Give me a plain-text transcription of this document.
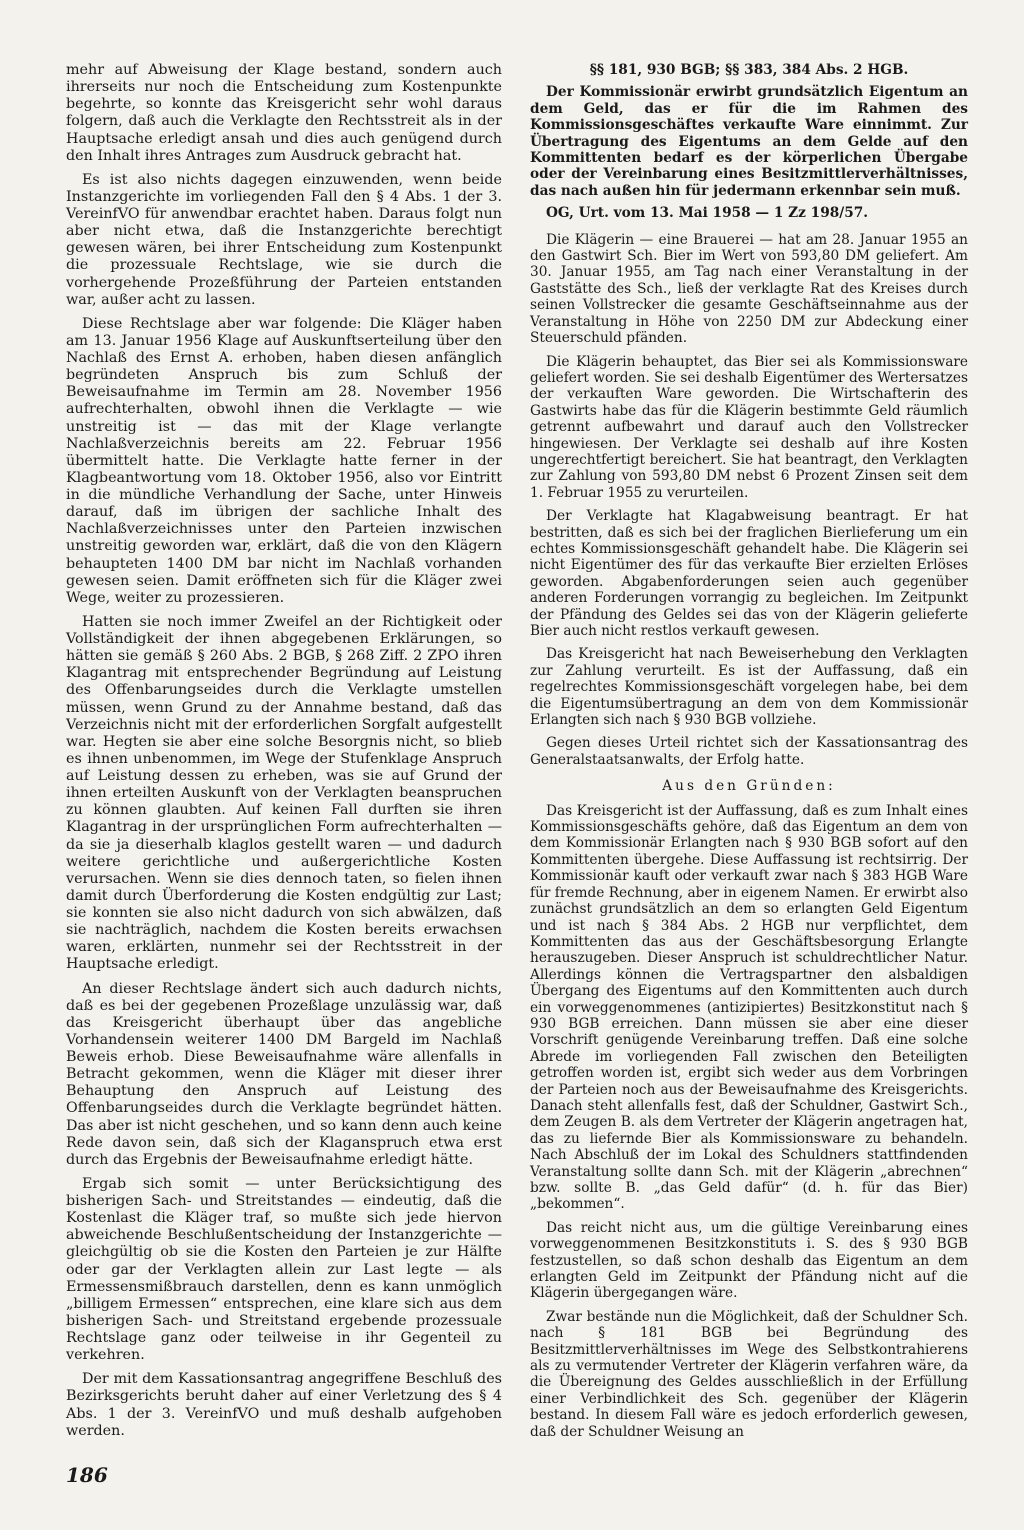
mehr auf Abweisung der Klage bestand, sondern auch ihrerseits nur noch die Entscheidung zum Kostenpunkte begehrte, so konnte das Kreisgericht sehr wohl daraus folgern, daß auch die Verklagte den Rechtsstreit als in der Hauptsache erledigt ansah und dies auch genügend durch den Inhalt ihres Antrages zum Ausdruck gebracht hat.

Es ist also nichts dagegen einzuwenden, wenn beide Instanzgerichte im vorliegenden Fall den § 4 Abs. 1 der 3. VereinfVO für anwendbar erachtet haben. Daraus folgt nun aber nicht etwa, daß die Instanzgerichte berechtigt gewesen wären, bei ihrer Entscheidung zum Kostenpunkt die prozessuale Rechtslage, wie sie durch die vorhergehende Prozeßführung der Parteien entstanden war, außer acht zu lassen.

Diese Rechtslage aber war folgende: Die Kläger haben am 13. Januar 1956 Klage auf Auskunftserteilung über den Nachlaß des Ernst A. erhoben, haben diesen anfänglich begründeten Anspruch bis zum Schluß der Beweisaufnahme im Termin am 28. November 1956 aufrechterhalten, obwohl ihnen die Verklagte — wie unstreitig ist — das mit der Klage verlangte Nachlaßverzeichnis bereits am 22. Februar 1956 übermittelt hatte. Die Verklagte hatte ferner in der Klagbeantwortung vom 18. Oktober 1956, also vor Eintritt in die mündliche Verhandlung der Sache, unter Hinweis darauf, daß im übrigen der sachliche Inhalt des Nachlaßverzeichnisses unter den Parteien inzwischen unstreitig geworden war, erklärt, daß die von den Klägern behaupteten 1400 DM bar nicht im Nachlaß vorhanden gewesen seien. Damit eröffneten sich für die Kläger zwei Wege, weiter zu prozessieren.

Hatten sie noch immer Zweifel an der Richtigkeit oder Vollständigkeit der ihnen abgegebenen Erklärungen, so hätten sie gemäß § 260 Abs. 2 BGB, § 268 Ziff. 2 ZPO ihren Klagantrag mit entsprechender Begründung auf Leistung des Offenbarungseides durch die Verklagte umstellen müssen, wenn Grund zu der Annahme bestand, daß das Verzeichnis nicht mit der erforderlichen Sorgfalt aufgestellt war. Hegten sie aber eine solche Besorgnis nicht, so blieb es ihnen unbenommen, im Wege der Stufenklage Anspruch auf Leistung dessen zu erheben, was sie auf Grund der ihnen erteilten Auskunft von der Verklagten beanspruchen zu können glaubten. Auf keinen Fall durften sie ihren Klagantrag in der ursprünglichen Form aufrechterhalten — da sie ja dieserhalb klaglos gestellt waren — und dadurch weitere gerichtliche und außergerichtliche Kosten verursachen. Wenn sie dies dennoch taten, so fielen ihnen damit durch Überforderung die Kosten endgültig zur Last; sie konnten sie also nicht dadurch von sich abwälzen, daß sie nachträglich, nachdem die Kosten bereits erwachsen waren, erklärten, nunmehr sei der Rechtsstreit in der Hauptsache erledigt.

An dieser Rechtslage ändert sich auch dadurch nichts, daß es bei der gegebenen Prozeßlage unzulässig war, daß das Kreisgericht überhaupt über das angebliche Vorhandensein weiterer 1400 DM Bargeld im Nachlaß Beweis erhob. Diese Beweisaufnahme wäre allenfalls in Betracht gekommen, wenn die Kläger mit dieser ihrer Behauptung den Anspruch auf Leistung des Offenbarungseides durch die Verklagte begründet hätten. Das aber ist nicht geschehen, und so kann denn auch keine Rede davon sein, daß sich der Klaganspruch etwa erst durch das Ergebnis der Beweisaufnahme erledigt hätte.

Ergab sich somit — unter Berücksichtigung des bisherigen Sach- und Streitstandes — eindeutig, daß die Kostenlast die Kläger traf, so mußte sich jede hiervon abweichende Beschlußentscheidung der Instanzgerichte — gleichgültig ob sie die Kosten den Parteien je zur Hälfte oder gar der Verklagten allein zur Last legte — als Ermessensmißbrauch darstellen, denn es kann unmöglich „billigem Ermessen“ entsprechen, eine klare sich aus dem bisherigen Sach- und Streitstand ergebende prozessuale Rechtslage ganz oder teilweise in ihr Gegenteil zu verkehren.

Der mit dem Kassationsantrag angegriffene Beschluß des Bezirksgerichts beruht daher auf einer Verletzung des § 4 Abs. 1 der 3. VereinfVO und muß deshalb aufgehoben werden.

§§ 181, 930 BGB; §§ 383, 384 Abs. 2 HGB.

Der Kommissionär erwirbt grundsätzlich Eigentum an dem Geld, das er für die im Rahmen des Kommissionsgeschäftes verkaufte Ware einnimmt. Zur Übertragung des Eigentums an dem Gelde auf den Kommittenten bedarf es der körperlichen Übergabe oder der Vereinbarung eines Besitzmittlerverhältnisses, das nach außen hin für jedermann erkennbar sein muß.

OG, Urt. vom 13. Mai 1958 — 1 Zz 198/57.

Die Klägerin — eine Brauerei — hat am 28. Januar 1955 an den Gastwirt Sch. Bier im Wert von 593,80 DM geliefert. Am 30. Januar 1955, am Tag nach einer Veranstaltung in der Gaststätte des Sch., ließ der verklagte Rat des Kreises durch seinen Vollstrecker die gesamte Geschäftseinnahme aus der Veranstaltung in Höhe von 2250 DM zur Abdeckung einer Steuerschuld pfänden.

Die Klägerin behauptet, das Bier sei als Kommissionsware geliefert worden. Sie sei deshalb Eigentümer des Wertersatzes der verkauften Ware geworden. Die Wirtschafterin des Gastwirts habe das für die Klägerin bestimmte Geld räumlich getrennt aufbewahrt und darauf auch den Vollstrecker hingewiesen. Der Verklagte sei deshalb auf ihre Kosten ungerechtfertigt bereichert. Sie hat beantragt, den Verklagten zur Zahlung von 593,80 DM nebst 6 Prozent Zinsen seit dem 1. Februar 1955 zu verurteilen.

Der Verklagte hat Klagabweisung beantragt. Er hat bestritten, daß es sich bei der fraglichen Bierlieferung um ein echtes Kommissionsgeschäft gehandelt habe. Die Klägerin sei nicht Eigentümer des für das verkaufte Bier erzielten Erlöses geworden. Abgabenforderungen seien auch gegenüber anderen Forderungen vorrangig zu begleichen. Im Zeitpunkt der Pfändung des Geldes sei das von der Klägerin gelieferte Bier auch nicht restlos verkauft gewesen.

Das Kreisgericht hat nach Beweiserhebung den Verklagten zur Zahlung verurteilt. Es ist der Auffassung, daß ein regelrechtes Kommissionsgeschäft vorgelegen habe, bei dem die Eigentumsübertragung an dem von dem Kommissionär Erlangten sich nach § 930 BGB vollziehe.

Gegen dieses Urteil richtet sich der Kassationsantrag des Generalstaatsanwalts, der Erfolg hatte.

Aus den Gründen:

Das Kreisgericht ist der Auffassung, daß es zum Inhalt eines Kommissionsgeschäfts gehöre, daß das Eigentum an dem von dem Kommissionär Erlangten nach § 930 BGB sofort auf den Kommittenten übergehe. Diese Auffassung ist rechtsirrig. Der Kommissionär kauft oder verkauft zwar nach § 383 HGB Ware für fremde Rechnung, aber in eigenem Namen. Er erwirbt also zunächst grundsätzlich an dem so erlangten Geld Eigentum und ist nach § 384 Abs. 2 HGB nur verpflichtet, dem Kommittenten das aus der Geschäftsbesorgung Erlangte herauszugeben. Dieser Anspruch ist schuldrechtlicher Natur. Allerdings können die Vertragspartner den alsbaldigen Übergang des Eigentums auf den Kommittenten auch durch ein vorweggenommenes (antizipiertes) Besitzkonstitut nach § 930 BGB erreichen. Dann müssen sie aber eine dieser Vorschrift genügende Vereinbarung treffen. Daß eine solche Abrede im vorliegenden Fall zwischen den Beteiligten getroffen worden ist, ergibt sich weder aus dem Vorbringen der Parteien noch aus der Beweisaufnahme des Kreisgerichts. Danach steht allenfalls fest, daß der Schuldner, Gastwirt Sch., dem Zeugen B. als dem Vertreter der Klägerin angetragen hat, das zu liefernde Bier als Kommissionsware zu behandeln. Nach Abschluß der im Lokal des Schuldners stattfindenden Veranstaltung sollte dann Sch. mit der Klägerin „abrechnen“ bzw. sollte B. „das Geld dafür“ (d. h. für das Bier) „bekommen“.

Das reicht nicht aus, um die gültige Vereinbarung eines vorweggenommenen Besitzkonstituts i. S. des § 930 BGB festzustellen, so daß schon deshalb das Eigentum an dem erlangten Geld im Zeitpunkt der Pfändung nicht auf die Klägerin übergegangen wäre.

Zwar bestände nun die Möglichkeit, daß der Schuldner Sch. nach § 181 BGB bei Begründung des Besitzmittlerverhältnisses im Wege des Selbstkontrahierens als zu vermutender Vertreter der Klägerin verfahren wäre, da die Übereignung des Geldes ausschließlich in der Erfüllung einer Verbindlichkeit des Sch. gegenüber der Klägerin bestand. In diesem Fall wäre es jedoch erforderlich gewesen, daß der Schuldner Weisung an

186
